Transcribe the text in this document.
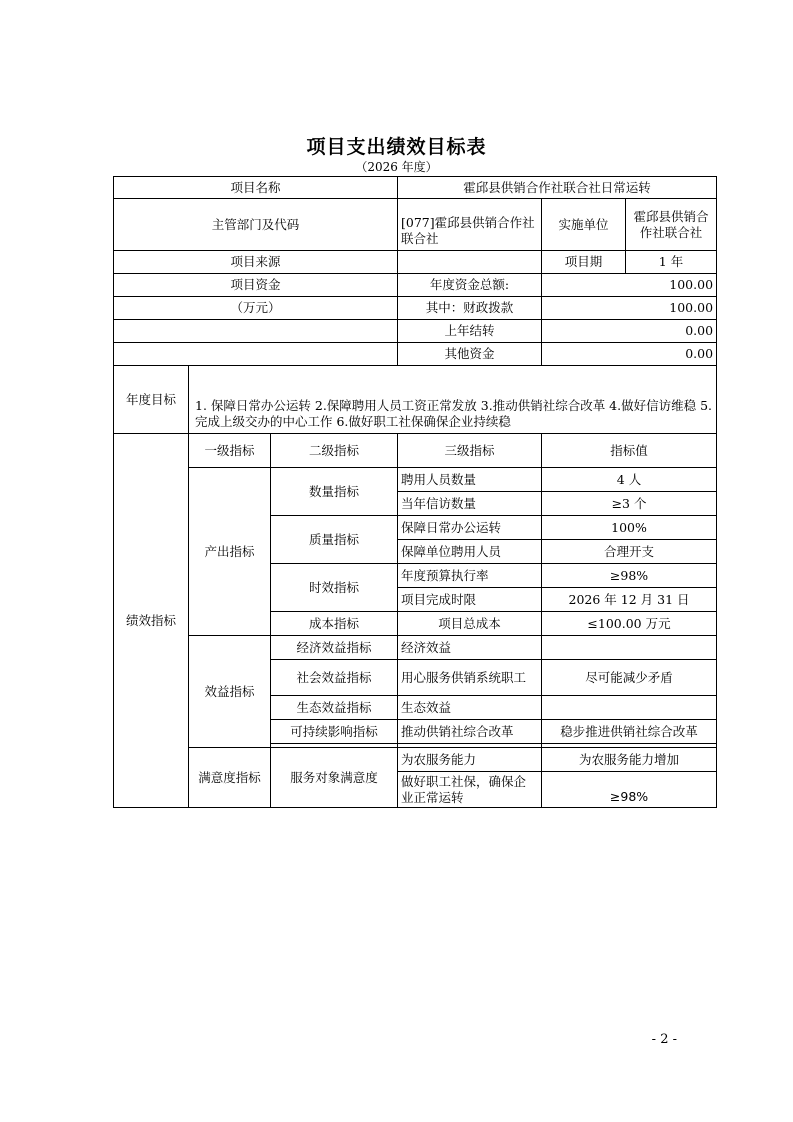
项目支出绩效目标表
（2026 年度）
项目名称			霍邱县供销合作社联合社日常运转		
主管部门及代码			[077]霍邱县供销合作社联合社	实施单位	霍邱县供销合作社联合社
项目来源				项目期	1 年
项目资金			年度资金总额:	100.00	
（万元）			其中：财政拨款	100.00	
			上年结转	0.00	
			其他资金	0.00	
年度目标	1. 保障日常办公运转 2.保障聘用人员工资正常发放 3.推动供销社综合改革 4.做好信访维稳 5.完成上级交办的中心工作 6.做好职工社保确保企业持续稳				
绩效指标	一级指标	二级指标	三级指标	指标值	
	产出指标	数量指标	聘用人员数量	4 人	
			当年信访数量	≥3 个	
		质量指标	保障日常办公运转	100%	
			保障单位聘用人员	合理开支	
		时效指标	年度预算执行率	≥98%	
			项目完成时限	2026 年 12 月 31 日	
		成本指标	项目总成本	≤100.00 万元	
	效益指标	经济效益指标	经济效益		
		社会效益指标	用心服务供销系统职工	尽可能减少矛盾	
		生态效益指标	生态效益		
		可持续影响指标	推动供销社综合改革	稳步推进供销社综合改革	

	满意度指标	服务对象满意度	为农服务能力	为农服务能力增加	
			做好职工社保，确保企业正常运转	≥98%	
- 2 -
